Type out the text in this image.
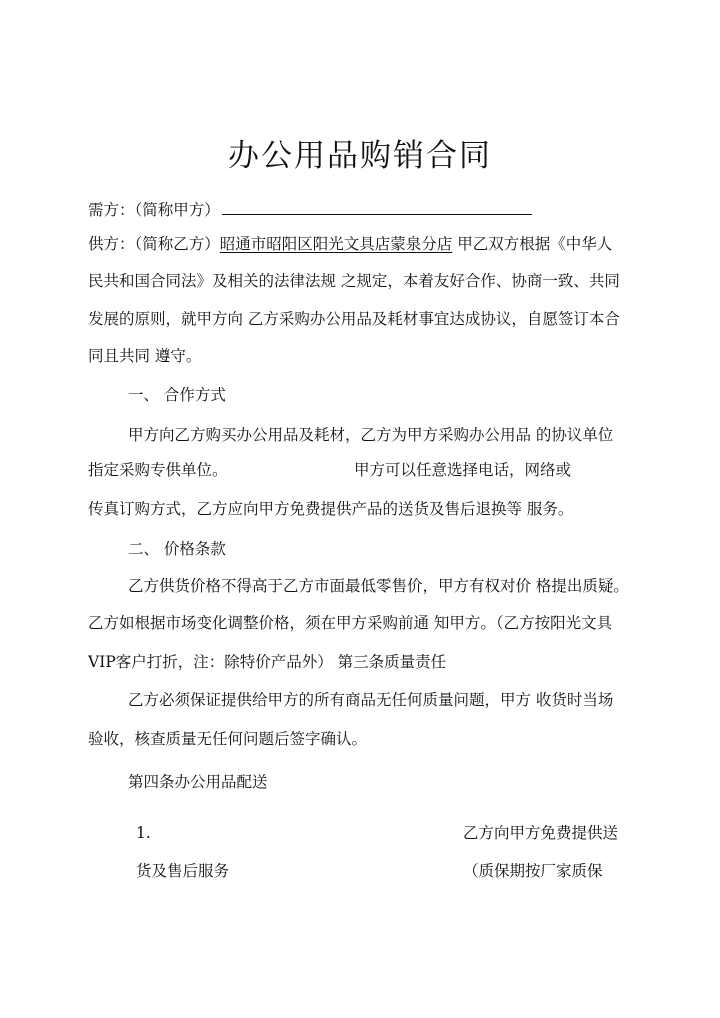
办公用品购销合同
需方：（简称甲方）
供方：（简称乙方）昭通市昭阳区阳光文具店蒙泉分店 甲乙双方根据《中华人
民共和国合同法》及相关的法律法规 之规定，本着友好合作、协商一致、共同
发展的原则，就甲方向 乙方采购办公用品及耗材事宜达成协议，自愿签订本合
同且共同 遵守。
一、 合作方式
甲方向乙方购买办公用品及耗材，乙方为甲方采购办公用品 的协议单位
指定采购专供单位。	甲方可以任意选择电话，网络或
传真订购方式，乙方应向甲方免费提供产品的送货及售后退换等 服务。
二、 价格条款
乙方供货价格不得高于乙方市面最低零售价，甲方有权对价 格提出质疑。
乙方如根据市场变化调整价格，须在甲方采购前通 知甲方。（乙方按阳光文具
VIP客户打折，注：除特价产品外） 第三条质量责任
乙方必须保证提供给甲方的所有商品无任何质量问题，甲方 收货时当场
验收，核查质量无任何问题后签字确认。
第四条办公用品配送
1.	乙方向甲方免费提供送
货及售后服务	（质保期按厂家质保
